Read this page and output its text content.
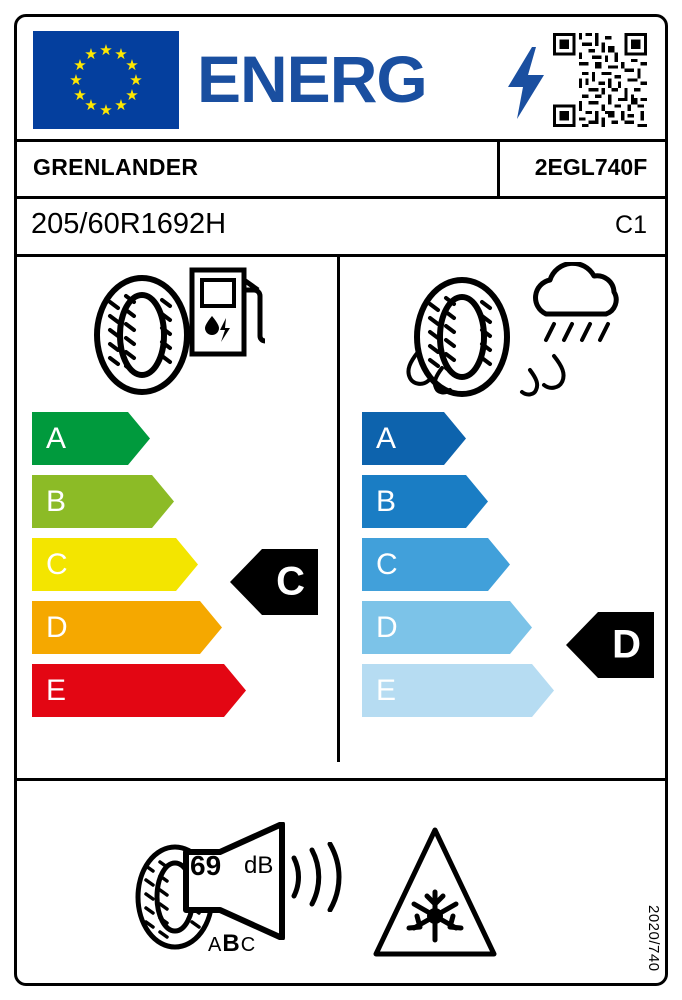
★ ★
★
★
★
★
★
★
★
★
★
★ ENERG
GRENLANDER	2EGL740F
205/60R1692H	C1
A
B
C
D
E
C
A
B
C
D
E
D
69 dB
ABC	2020/740
